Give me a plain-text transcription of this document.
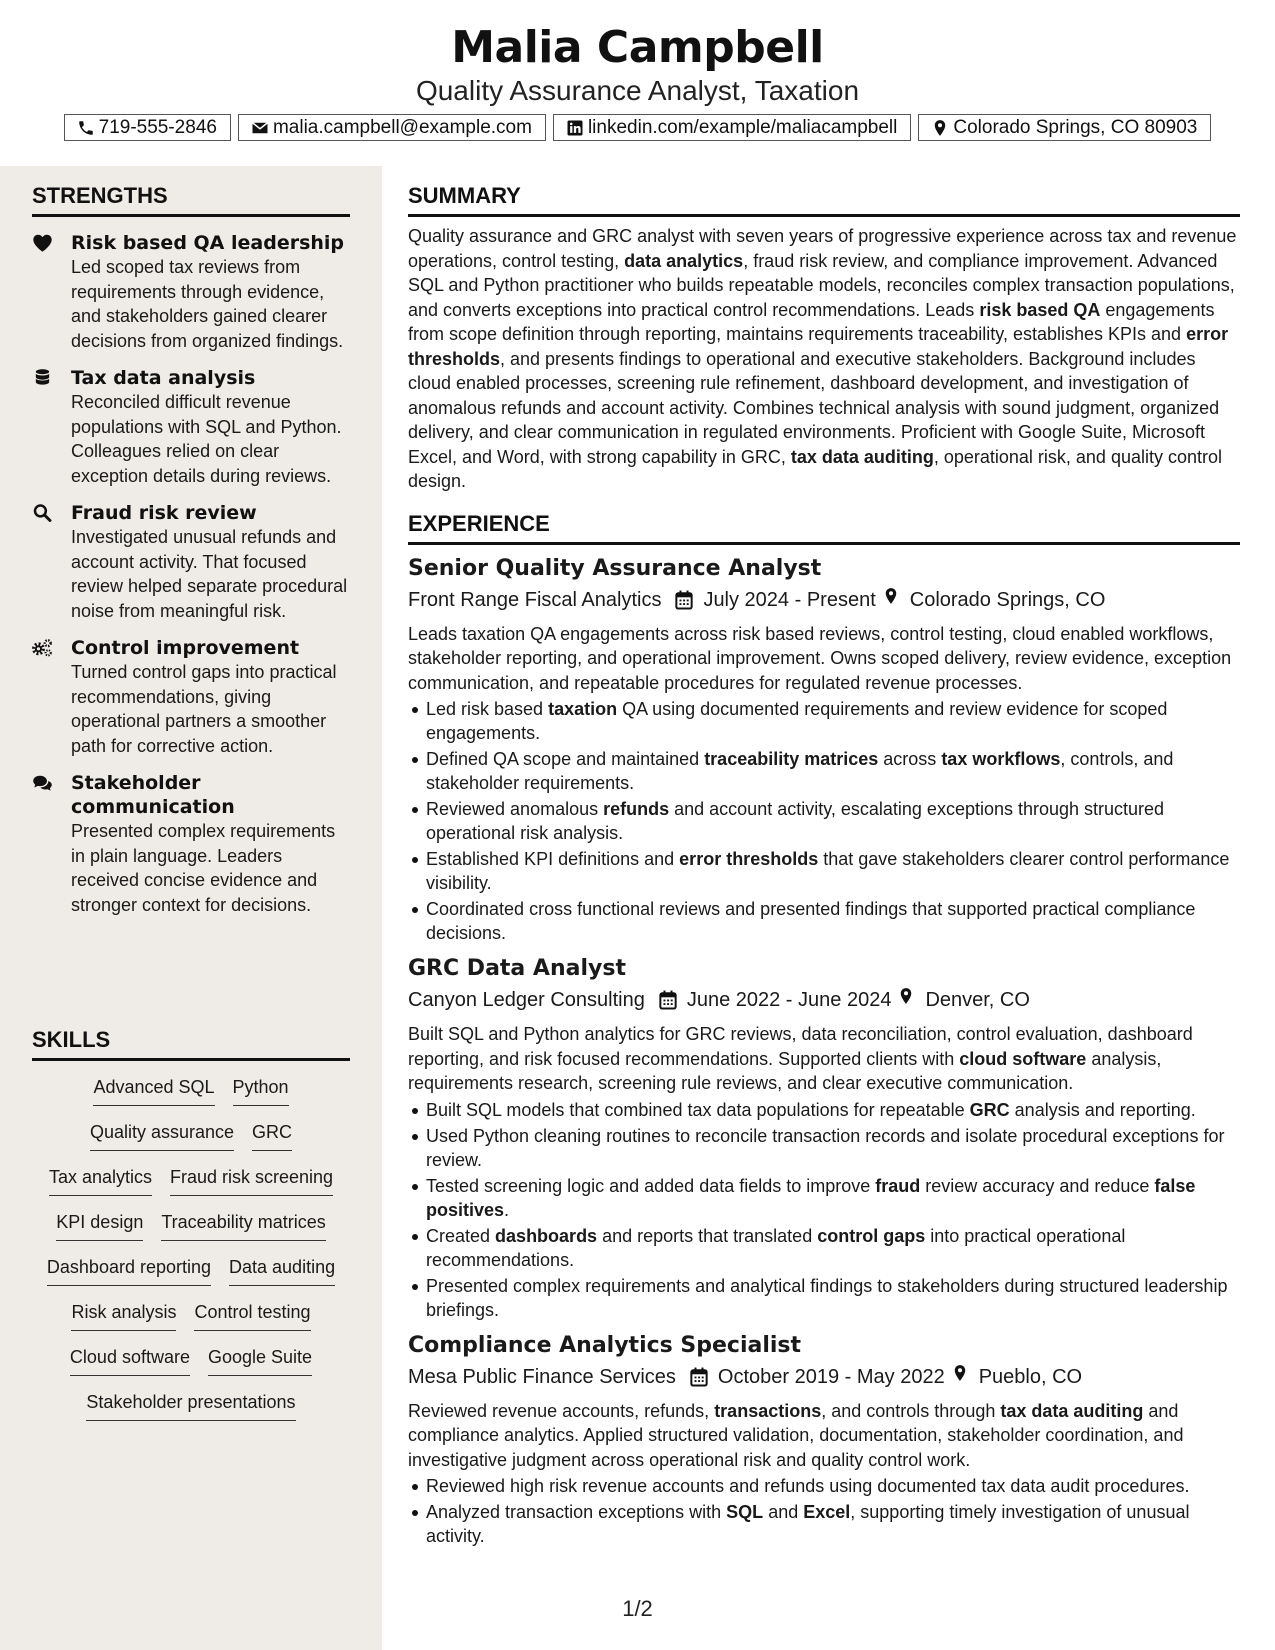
Malia Campbell
Quality Assurance Analyst, Taxation
719-555-2846	malia.campbell@example.com	linkedin.com/example/maliacampbell	Colorado Springs, CO 80903
STRENGTHS
Risk based QA leadership
Led scoped tax reviews from requirements through evidence, and stakeholders gained clearer decisions from organized findings.
Tax data analysis
Reconciled difficult revenue populations with SQL and Python. Colleagues relied on clear exception details during reviews.
Fraud risk review
Investigated unusual refunds and account activity. That focused review helped separate procedural noise from meaningful risk.
Control improvement
Turned control gaps into practical recommendations, giving operational partners a smoother path for corrective action.
Stakeholder communication
Presented complex requirements in plain language. Leaders received concise evidence and stronger context for decisions.
SKILLS
Advanced SQL Python
Quality assurance GRC
Tax analytics Fraud risk screening
KPI design Traceability matrices
Dashboard reporting Data auditing
Risk analysis Control testing
Cloud software Google Suite
Stakeholder presentations
SUMMARY
Quality assurance and GRC analyst with seven years of progressive experience across tax and revenue operations, control testing, data analytics, fraud risk review, and compliance improvement. Advanced SQL and Python practitioner who builds repeatable models, reconciles complex transaction populations, and converts exceptions into practical control recommendations. Leads risk based QA engagements from scope definition through reporting, maintains requirements traceability, establishes KPIs and error thresholds, and presents findings to operational and executive stakeholders. Background includes cloud enabled processes, screening rule refinement, dashboard development, and investigation of anomalous refunds and account activity. Combines technical analysis with sound judgment, organized delivery, and clear communication in regulated environments. Proficient with Google Suite, Microsoft Excel, and Word, with strong capability in GRC, tax data auditing, operational risk, and quality control design.
EXPERIENCE
Senior Quality Assurance Analyst
Front Range Fiscal Analytics July 2024 - Present Colorado Springs, CO
Leads taxation QA engagements across risk based reviews, control testing, cloud enabled workflows, stakeholder reporting, and operational improvement. Owns scoped delivery, review evidence, exception communication, and repeatable procedures for regulated revenue processes.
Led risk based taxation QA using documented requirements and review evidence for scoped engagements.
Defined QA scope and maintained traceability matrices across tax workflows, controls, and stakeholder requirements.
Reviewed anomalous refunds and account activity, escalating exceptions through structured operational risk analysis.
Established KPI definitions and error thresholds that gave stakeholders clearer control performance visibility.
Coordinated cross functional reviews and presented findings that supported practical compliance decisions.
GRC Data Analyst
Canyon Ledger Consulting June 2022 - June 2024 Denver, CO
Built SQL and Python analytics for GRC reviews, data reconciliation, control evaluation, dashboard reporting, and risk focused recommendations. Supported clients with cloud software analysis, requirements research, screening rule reviews, and clear executive communication.
Built SQL models that combined tax data populations for repeatable GRC analysis and reporting.
Used Python cleaning routines to reconcile transaction records and isolate procedural exceptions for review.
Tested screening logic and added data fields to improve fraud review accuracy and reduce false positives.
Created dashboards and reports that translated control gaps into practical operational recommendations.
Presented complex requirements and analytical findings to stakeholders during structured leadership briefings.
Compliance Analytics Specialist
Mesa Public Finance Services October 2019 - May 2022 Pueblo, CO
Reviewed revenue accounts, refunds, transactions, and controls through tax data auditing and compliance analytics. Applied structured validation, documentation, stakeholder coordination, and investigative judgment across operational risk and quality control work.
Reviewed high risk revenue accounts and refunds using documented tax data audit procedures.
Analyzed transaction exceptions with SQL and Excel, supporting timely investigation of unusual activity.
1/2
